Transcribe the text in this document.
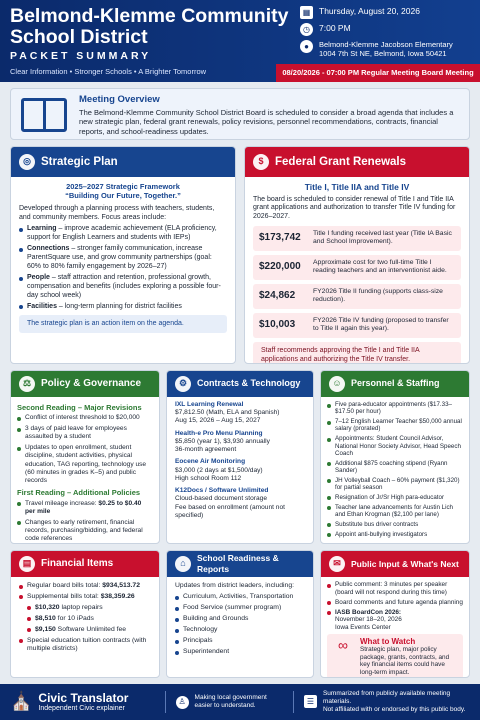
Belmond-Klemme Community School District
PACKET SUMMARY
Clear Information • Stronger Schools • A Brighter Tomorrow
▦	Thursday, August 20, 2026
◷	7:00 PM
●	Belmond-Klemme Jacobson Elementary
1004 7th St NE, Belmond, Iowa 50421
08/20/2026 - 07:00 PM Regular Meeting Board Meeting
Meeting Overview
The Belmond-Klemme Community School District Board is scheduled to consider a broad agenda that includes a new strategic plan, federal grant renewals, policy revisions, personnel recommendations, contracts, financial reports, and school-readiness updates.
◎ Strategic Plan
2025–2027 Strategic Framework
“Building Our Future, Together.”
Developed through a planning process with teachers, students, and community members. Focus areas include:
Learning – improve academic achievement (ELA proficiency, support for English Learners and students with IEPs)
Connections – stronger family communication, increase ParentSquare use, and grow community partnerships (goal: 60% to 80% family engagement by 2026–27)
People – staff attraction and retention, professional growth, compensation and benefits (includes exploring a possible four-day school week)
Facilities – long-term planning for district facilities
The strategic plan is an action item on the agenda.
$	Federal Grant Renewals
Title I, Title IIA and Title IV
The board is scheduled to consider renewal of Title I and Title IIA grant applications and authorization to transfer Title IV funding for 2026–2027.
$173,742	Title I funding received last year (Title IA Basic and School Improvement).
$220,000	Approximate cost for two full-time Title I reading teachers and an interventionist aide.
$24,862	FY2026 Title II funding (supports class-size reduction).
$10,003	FY2026 Title IV funding (proposed to transfer to Title II again this year).
Staff recommends approving the Title I and Title IIA applications and authorizing the Title IV transfer.
⚖ Policy & Governance
Second Reading – Major Revisions
Conflict of interest threshold to $20,000
3 days of paid leave for employees assaulted by a student
Updates to open enrollment, student discipline, student activities, physical education, TAG reporting, technology use (60 minutes in grades K–5) and public records
First Reading – Additional Policies
Travel mileage increase: $0.25 to $0.40 per mile
Changes to early retirement, financial records, purchasing/bidding, and federal code references
⚙	Contracts & Technology
IXL Learning Renewal
$7,812.50 (Math, ELA and Spanish)
Aug 15, 2026 – Aug 15, 2027
Health-e Pro Menu Planning
$5,850 (year 1), $3,930 annually
36-month agreement
Eocene Air Monitoring
$3,000 (2 days at $1,500/day)
High school Room 112
K12Docs / Software Unlimited
Cloud-based document storage
Fee based on enrollment (amount not specified)
☺	Personnel & Staffing
Five para-educator appointments ($17.33–$17.50 per hour)
7–12 English Learner Teacher $50,000 annual salary (prorated)
Appointments: Student Council Advisor, National Honor Society Advisor, Head Speech Coach
Additional $875 coaching stipend (Ryann Sander)
JH Volleyball Coach – 60% payment ($1,320) for partial season
Resignation of Jr/Sr High para-educator
Teacher lane advancements for Austin Lich and Ethan Krogman ($2,100 per lane)
Substitute bus driver contracts
Appoint anti-bullying investigators
▤ Financial Items
Regular board bills total: $934,513.72
Supplemental bills total: $38,359.26
$10,320 laptop repairs
$8,510 for 10 iPads
$9,150 Software Unlimited fee
Special education tuition contracts (with multiple districts)
⌂	School Readiness & Reports
Updates from district leaders, including:
Curriculum, Activities, Transportation
Food Service (summer program)
Building and Grounds
Technology
Principals
Superintendent
✉	Public Input & What's Next
Public comment: 3 minutes per speaker (board will not respond during this time)
Board comments and future agenda planning
IASB BoardCon 2026:
November 18–20, 2026
Iowa Events Center
∞	What to Watch
Strategic plan, major policy package, grants, contracts, and key financial items could have long-term impact.
⛪ Civic Translator
Independent Civic explainer
♙	Making local government easier to understand.	☰
Summarized from publicly available meeting materials.
Not affiliated with or endorsed by this public body.
